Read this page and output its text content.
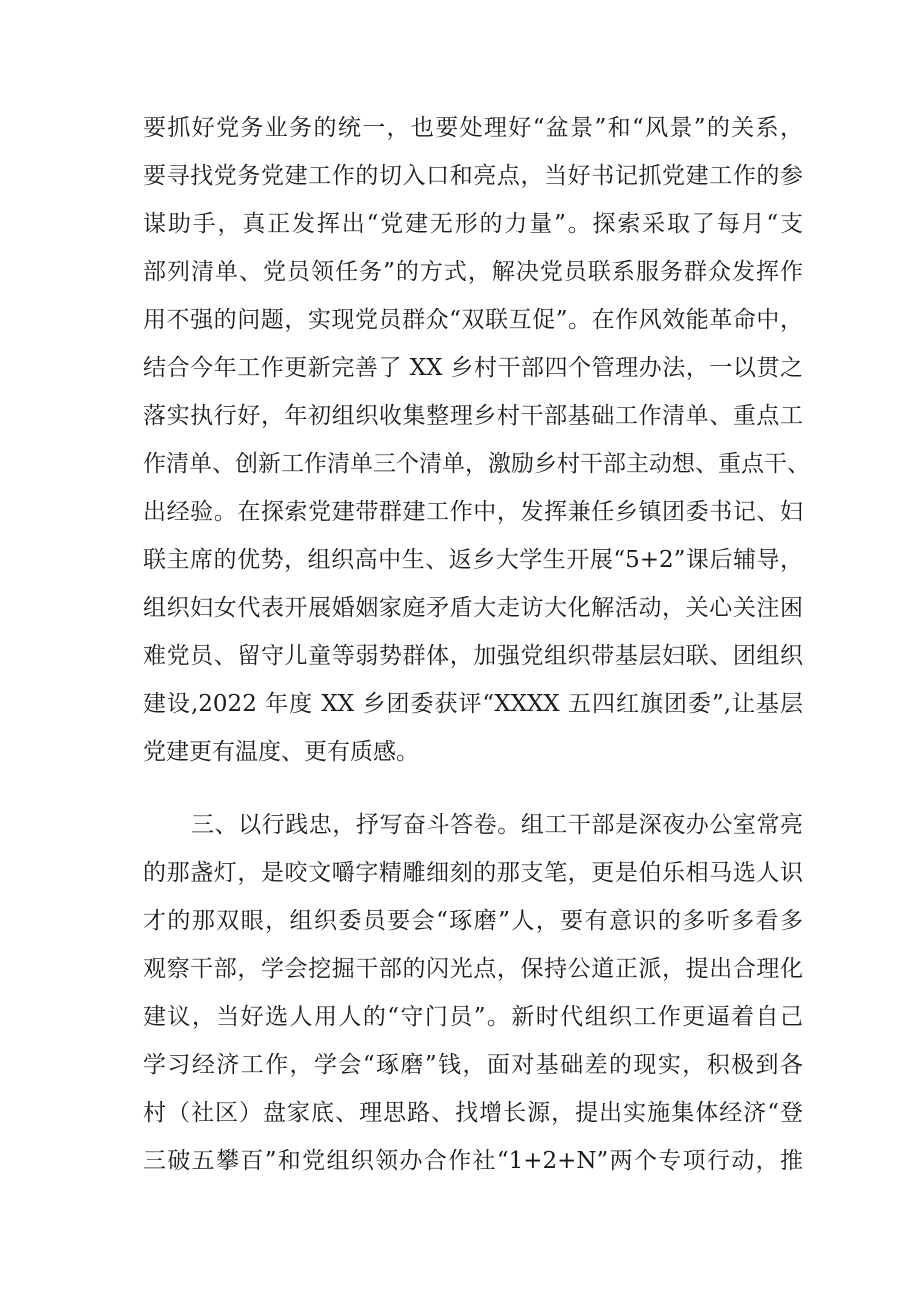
要抓好党务业务的统一，也要处理好“盆景”和“风景”的关系，
要寻找党务党建工作的切入口和亮点，当好书记抓党建工作的参
谋助手，真正发挥出“党建无形的力量”。探索采取了每月“支
部列清单、党员领任务”的方式，解决党员联系服务群众发挥作
用不强的问题，实现党员群众“双联互促”。在作风效能革命中，
结合今年工作更新完善了 XX 乡村干部四个管理办法，一以贯之
落实执行好，年初组织收集整理乡村干部基础工作清单、重点工
作清单、创新工作清单三个清单，激励乡村干部主动想、重点干、
出经验。在探索党建带群建工作中，发挥兼任乡镇团委书记、妇
联主席的优势，组织高中生、返乡大学生开展“5+2”课后辅导，
组织妇女代表开展婚姻家庭矛盾大走访大化解活动，关心关注困
难党员、留守儿童等弱势群体，加强党组织带基层妇联、团组织
建设,2022 年度 XX 乡团委获评“XXXX 五四红旗团委”,让基层
党建更有温度、更有质感。
三、以行践忠，抒写奋斗答卷。组工干部是深夜办公室常亮
的那盏灯，是咬文嚼字精雕细刻的那支笔，更是伯乐相马选人识
才的那双眼，组织委员要会“琢磨”人，要有意识的多听多看多
观察干部，学会挖掘干部的闪光点，保持公道正派，提出合理化
建议，当好选人用人的“守门员”。新时代组织工作更逼着自己
学习经济工作，学会“琢磨”钱，面对基础差的现实，积极到各
村（社区）盘家底、理思路、找增长源，提出实施集体经济“登
三破五攀百”和党组织领办合作社“1+2+N”两个专项行动，推
